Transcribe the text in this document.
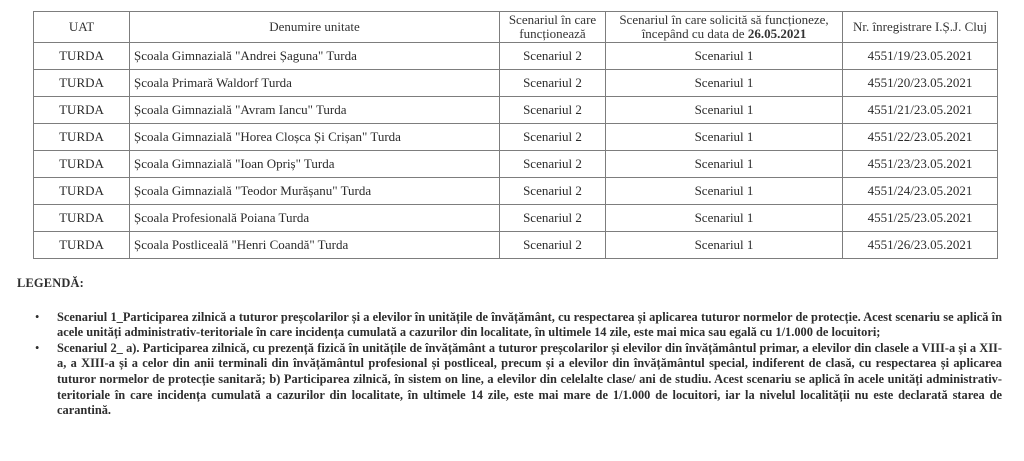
UAT	Denumire unitate	Scenariul în care funcționează	Scenariul în care solicită să funcționeze, începând cu data de 26.05.2021	Nr. înregistrare I.Ș.J. Cluj
TURDA	Școala Gimnazială "Andrei Șaguna" Turda	Scenariul 2	Scenariul 1	4551/19/23.05.2021
TURDA	Școala Primară Waldorf Turda	Scenariul 2	Scenariul 1	4551/20/23.05.2021
TURDA	Școala Gimnazială "Avram Iancu" Turda	Scenariul 2	Scenariul 1	4551/21/23.05.2021
TURDA	Școala Gimnazială "Horea Cloșca Și Crișan" Turda	Scenariul 2	Scenariul 1	4551/22/23.05.2021
TURDA	Școala Gimnazială "Ioan Opriș" Turda	Scenariul 2	Scenariul 1	4551/23/23.05.2021
TURDA	Școala Gimnazială "Teodor Murășanu" Turda	Scenariul 2	Scenariul 1	4551/24/23.05.2021
TURDA	Școala Profesională Poiana Turda	Scenariul 2	Scenariul 1	4551/25/23.05.2021
TURDA	Școala Postliceală "Henri Coandă" Turda	Scenariul 2	Scenariul 1	4551/26/23.05.2021

LEGENDĂ:

• Scenariul 1_Participarea zilnică a tuturor preșcolarilor și a elevilor în unitățile de învățământ, cu respectarea și aplicarea tuturor normelor de protecție. Acest scenariu se aplică în acele unități administrativ-teritoriale în care incidența cumulată a cazurilor din localitate, în ultimele 14 zile, este mai mica sau egală cu 1/1.000 de locuitori;
• Scenariul 2_ a). Participarea zilnică, cu prezență fizică în unitățile de învățământ a tuturor preșcolarilor și elevilor din învățământul primar, a elevilor din clasele a VIII-a și a XII-a, a XIII-a și a celor din anii terminali din învățământul profesional și postliceal, precum și a elevilor din învățământul special, indiferent de clasă, cu respectarea și aplicarea tuturor normelor de protecție sanitară; b) Participarea zilnică, în sistem on line, a elevilor din celelalte clase/ ani de studiu. Acest scenariu se aplică în acele unități administrativ-teritoriale în care incidența cumulată a cazurilor din localitate, în ultimele 14 zile, este mai mare de 1/1.000 de locuitori, iar la nivelul localității nu este declarată starea de carantină.
